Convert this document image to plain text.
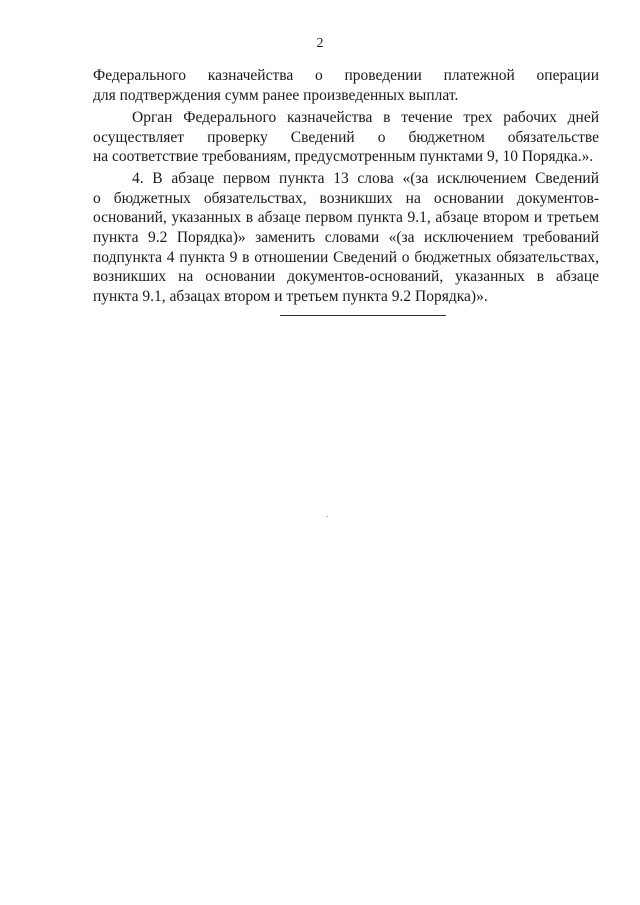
2
Федерального казначейства о проведении платежной операции
для подтверждения сумм ранее произведенных выплат.
Орган Федерального казначейства в течение трех рабочих дней
осуществляет проверку Сведений о бюджетном обязательстве
на соответствие требованиям, предусмотренным пунктами 9, 10 Порядка.».
4. В абзаце первом пункта 13 слова «(за исключением Сведений
о бюджетных обязательствах, возникших на основании документов-
оснований, указанных в абзаце первом пункта 9.1, абзаце втором и третьем
пункта 9.2 Порядка)» заменить словами «(за исключением требований
подпункта 4 пункта 9 в отношении Сведений о бюджетных обязательствах,
возникших на основании документов-оснований, указанных в абзаце
пункта 9.1, абзацах втором и третьем пункта 9.2 Порядка)».
